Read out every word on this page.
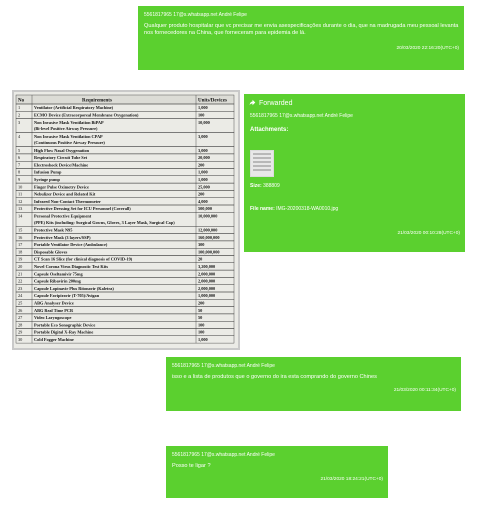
No	Requirements	Units/Devices
1	Ventilator (Artificial Respiratory Machine)	1,000
2	ECMO Device (Extracorporeal Membrane Oxygenation)	100
3	Non Invasive Mask Ventilation BiPAP
(Bi-level Positive Airway Pressure)
10,000
4	Non Invasive Mask Ventilation CPAP
(Continuous Positive Airway Pressure)
3,000
5	High Flow Nasal Oxygenation	3,000
6	Respiratory Circuit Tube Set	20,000
7	Electroshock Device/Machine	200
8	Infusion Pump	1,000
9	Syringe pump	1,000
10	Finger Pulse Oximetry Device	25,000
11	Nebulizer Device and Related Kit	200
12	Infrared Non-Contact Thermometer	4,000
13	Protective Dressing Set for ICU Personnel (Coverall)	500,000
14	Personal Protective Equipment
(PPE) Kits (including: Surgical Gowns, Gloves, 3 Layer Mask, Surgical Cap)
10,000,000
15	Protective Mask N95	12,000,000
16	Protective Mask (3 layers/SSP)	160,000,000
17	Portable Ventilator Device (Ambulance)	300
18	Disposable Gloves	100,000,000
19	CT Scan 16 Slice (for clinical diagnosis of COVID-19)	20
20	Novel Corona Virus Diagnostic Test Kits	3,200,000
21	Capsule Oseltamivir 75mg	2,000,000
22	Capsule Ribavirin 200mg	2,000,000
23	Capsule Lopinavir Plus Ritonavir (Kaletra)	2,000,000
24	Capsule Favipiravir (T-705)/Avigan	1,000,000
25	ABG Analyser Device	200
26	ABG Real Time PCR	50
27	Video Laryngoscope	50
28	Portable Eco Sonographic Device	100
29	Portable Digital X-Ray Machine	100
30	Cold Fogger Machine	1,000
5561817965 17@s.whatsapp.net André Felipe
Qualquer produto hospitalar que vc precisar me envia asespecificações durante o dia, que na madrugada meu pessoal levanta nos fornecedores na China, que forneceram para epidemia de lá.
20/03/2020 22:16:20(UTC+0)
Forwarded
5561817965 17@s.whatsapp.net André Felipe
Attachments:
Size: 388809
File name: IMG-20200318-WA0010.jpg
21/03/2020 00:10:28(UTC+0)
5561817965 17@s.whatsapp.net André Felipe
isso e a lista de produtos que o governo do ira esta comprando do governo Chines
21/03/2020 00:11:34(UTC+0)
5561817965 17@s.whatsapp.net André Felipe
Posso te ligar ?
21/03/2020 18:24:21(UTC+0)
